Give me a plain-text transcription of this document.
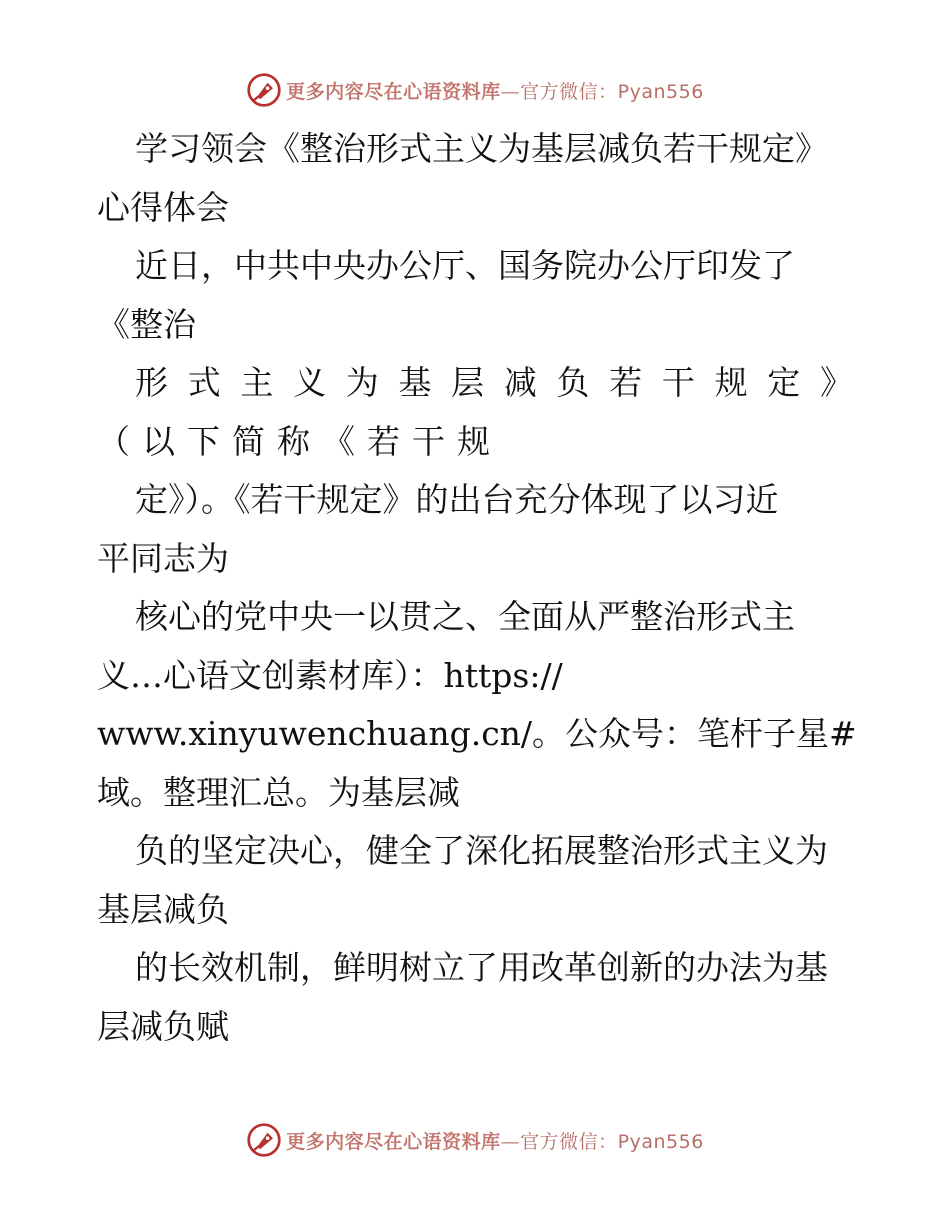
更多内容尽在心语资料库—官方微信：Pyan556
学习领会《整治形式主义为基层减负若干规定》
心得体会
近日，中共中央办公厅、国务院办公厅印发了
《整治
形式主义为基层减负若干规定》
（以下简称《若干规
定》）。《若干规定》的出台充分体现了以习近
平同志为
核心的党中央一以贯之、全面从严整治形式主
义…心语文创素材库）：https://
www.xinyuwenchuang.cn/。公众号：笔杆子星#
域。整理汇总。为基层减
负的坚定决心，健全了深化拓展整治形式主义为
基层减负
的长效机制，鲜明树立了用改革创新的办法为基
层减负赋
更多内容尽在心语资料库—官方微信：Pyan556
